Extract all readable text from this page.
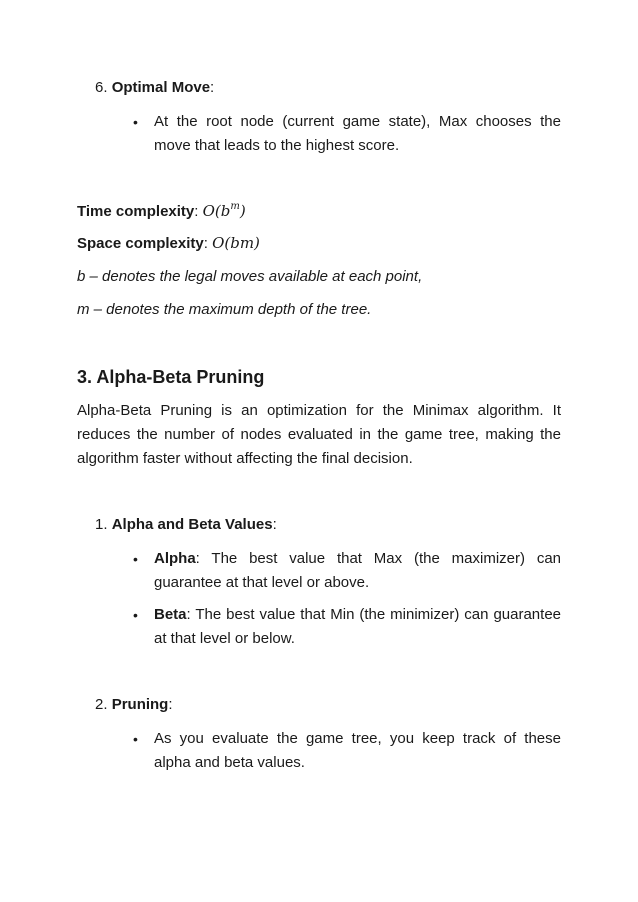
6. Optimal Move:
• At the root node (current game state), Max chooses the move that leads to the highest score.
Time complexity: $O(b^m)$
Space complexity: O(bm)
b – denotes the legal moves available at each point,
m – denotes the maximum depth of the tree.
3. Alpha-Beta Pruning
Alpha-Beta Pruning is an optimization for the Minimax algorithm. It reduces the number of nodes evaluated in the game tree, making the algorithm faster without affecting the final decision.
1. Alpha and Beta Values:
• Alpha: The best value that Max (the maximizer) can guarantee at that level or above.
• Beta: The best value that Min (the minimizer) can guarantee at that level or below.
2. Pruning:
• As you evaluate the game tree, you keep track of these alpha and beta values.
